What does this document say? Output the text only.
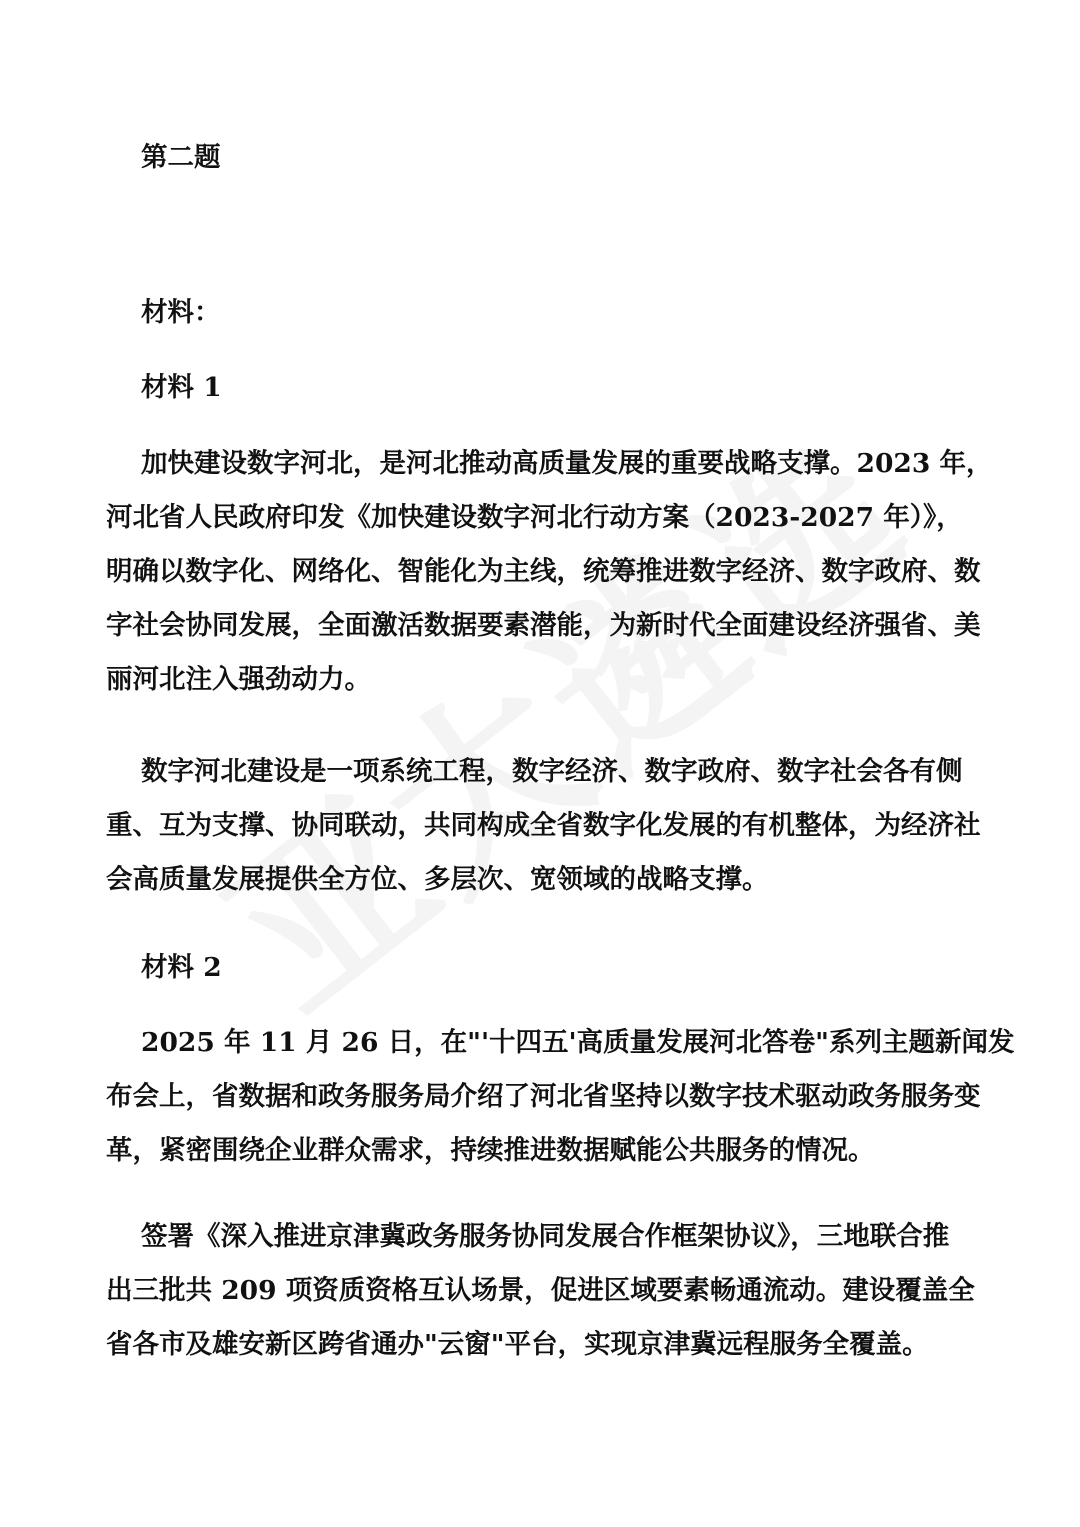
第二题
材料：
材料 1
加快建设数字河北，是河北推动高质量发展的重要战略支撑。2023 年，
河北省人民政府印发《加快建设数字河北行动方案（2023-2027 年）》，
明确以数字化、网络化、智能化为主线，统筹推进数字经济、数字政府、数
字社会协同发展，全面激活数据要素潜能，为新时代全面建设经济强省、美
丽河北注入强劲动力。
数字河北建设是一项系统工程，数字经济、数字政府、数字社会各有侧
重、互为支撑、协同联动，共同构成全省数字化发展的有机整体，为经济社
会高质量发展提供全方位、多层次、宽领域的战略支撑。
材料 2
2025 年 11 月 26 日，在"'十四五'高质量发展河北答卷"系列主题新闻发
布会上，省数据和政务服务局介绍了河北省坚持以数字技术驱动政务服务变
革，紧密围绕企业群众需求，持续推进数据赋能公共服务的情况。
签署《深入推进京津冀政务服务协同发展合作框架协议》，三地联合推
出三批共 209 项资质资格互认场景，促进区域要素畅通流动。建设覆盖全
省各市及雄安新区跨省通办"云窗"平台，实现京津冀远程服务全覆盖。
